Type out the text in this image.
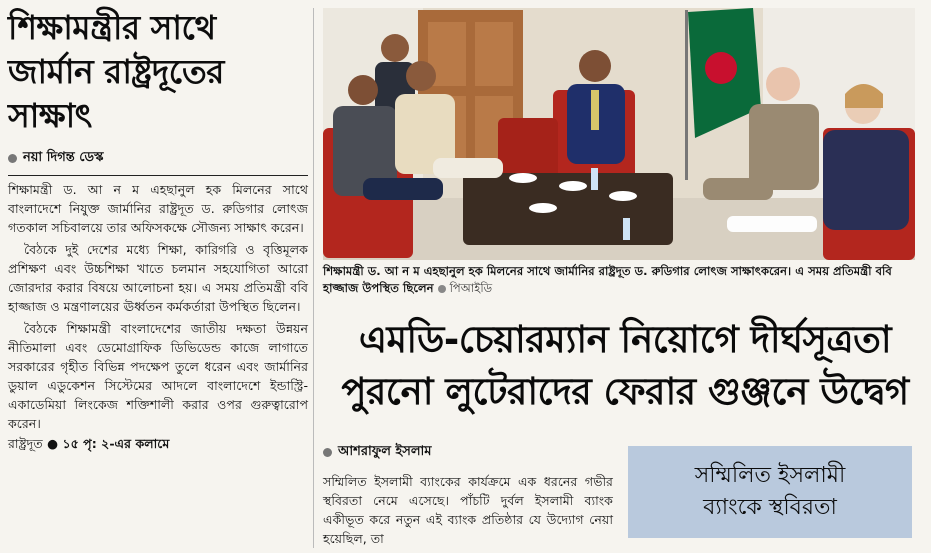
শিক্ষামন্ত্রীর সাথে
জার্মান রাষ্ট্রদূতের
সাক্ষাৎ
নয়া দিগন্ত ডেস্ক

শিক্ষামন্ত্রী ড. আ ন ম এহছানুল হক মিলনের সাথে বাংলাদেশে নিযুক্ত জার্মানির রাষ্ট্রদূত ড. রুডিগার লোৎজ গতকাল সচিবালয়ে তার অফিসকক্ষে সৌজন্য সাক্ষাৎ করেন।

বৈঠকে দুই দেশের মধ্যে শিক্ষা, কারিগরি ও বৃত্তিমূলক প্রশিক্ষণ এবং উচ্চশিক্ষা খাতে চলমান সহযোগিতা আরো জোরদার করার বিষয়ে আলোচনা হয়। এ সময় প্রতিমন্ত্রী ববি হাজ্জাজ ও মন্ত্রণালয়ের ঊর্ধ্বতন কর্মকর্তারা উপস্থিত ছিলেন।

বৈঠকে শিক্ষামন্ত্রী বাংলাদেশের জাতীয় দক্ষতা উন্নয়ন নীতিমালা এবং ডেমোগ্রাফিক ডিভিডেন্ড কাজে লাগাতে সরকারের গৃহীত বিভিন্ন পদক্ষেপ তুলে ধরেন এবং জার্মানির ডুয়াল এডুকেশন সিস্টেমের আদলে বাংলাদেশে ইন্ডাস্ট্রি-একাডেমিয়া লিংকেজ শক্তিশালী করার ওপর গুরুত্বারোপ করেন।

রাষ্ট্রদূত ● ১৫ পৃ: ২-এর কলামে
শিক্ষামন্ত্রী ড. আ ন ম এহছানুল হক মিলনের সাথে জার্মানির রাষ্ট্রদূত ড. রুডিগার লোৎজ সাক্ষাৎকরেন। এ সময় প্রতিমন্ত্রী ববি হাজ্জাজ উপস্থিত ছিলেন পিআইডি
এমডি-চেয়ারম্যান নিয়োগে দীর্ঘসূত্রতা
পুরনো লুটেরাদের ফেরার গুঞ্জনে উদ্বেগ
আশরাফুল ইসলাম
সম্মিলিত ইসলামী ব্যাংকের কার্যক্রমে এক ধরনের গভীর স্থবিরতা নেমে এসেছে। পাঁচটি দুর্বল ইসলামী ব্যাংক একীভূত করে নতুন এই ব্যাংক প্রতিষ্ঠার যে উদ্যোগ নেয়া হয়েছিল, তা
সম্মিলিত ইসলামী
ব্যাংকে স্থবিরতা
